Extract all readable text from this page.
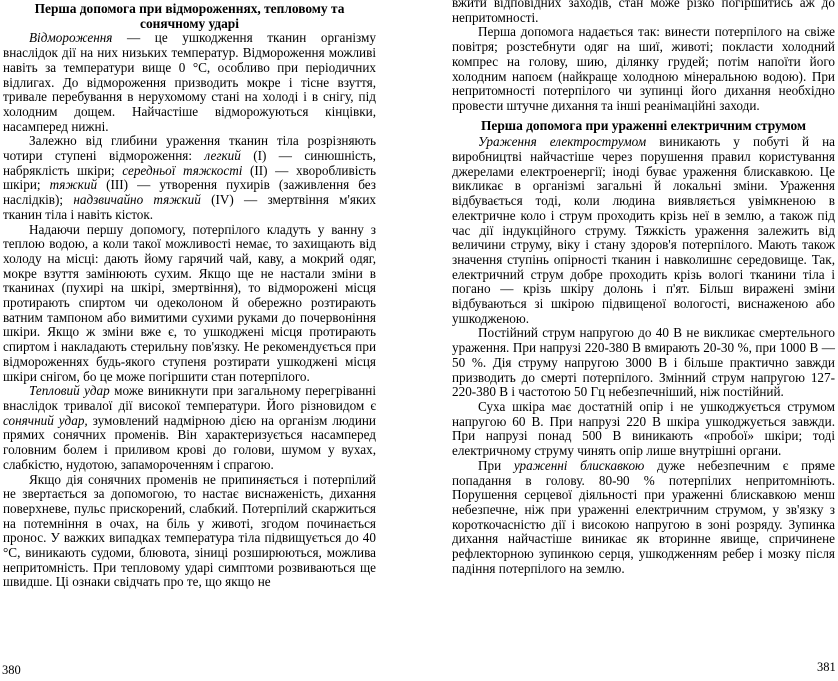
Перша допомога при відмороженнях, тепловому та сонячному ударі

Відмороження — це ушкодження тканин організму внаслідок дії на них низьких температур. Відмороження можливі навіть за температури вище 0 °С, особливо при періодичних відлигах. До відмороження призводить мокре і тісне взуття, тривале перебування в нерухомому стані на холоді і в снігу, під холодним дощем. Найчастіше відморожуються кінцівки, насамперед нижні.

Залежно від глибини ураження тканин тіла розрізняють чотири ступені відмороження: легкий (І) — синюшність, набряклість шкіри; середньої тяжкості (II) — хворобливість шкіри; тяжкий (III) — утворення пухирів (заживлення без наслідків); надзвичайно тяжкий (IV) — змертвіння м'яких тканин тіла і навіть кісток.

Надаючи першу допомогу, потерпілого кладуть у ванну з теплою водою, а коли такої можливості немає, то захищають від холоду на місці: дають йому гарячий чай, каву, а мокрий одяг, мокре взуття замінюють сухим. Якщо ще не настали зміни в тканинах (пухирі на шкірі, змертвіння), то відморожені місця протирають спиртом чи одеколоном й обережно розтирають ватним тампоном або вимитими сухими руками до почервоніння шкіри. Якщо ж зміни вже є, то ушкоджені місця протирають спиртом і накладають стерильну пов'язку. Не рекомендується при відмороженнях будь-якого ступеня розтирати ушкоджені місця шкіри снігом, бо це може погіршити стан потерпілого.

Тепловий удар може виникнути при загальному перегріванні внаслідок тривалої дії високої температури. Його різновидом є сонячний удар, зумовлений надмірною дією на організм людини прямих сонячних променів. Він характеризується насамперед головним болем і приливом крові до голови, шумом у вухах, слабкістю, нудотою, запамороченням і спрагою.

Якщо дія сонячних променів не припиняється і потерпілий не звертається за допомогою, то настає виснаженість, дихання поверхневе, пульс прискорений, слабкий. Потерпілий скаржиться на потемніння в очах, на біль у животі, згодом починається пронос. У важких випадках температура тіла підвищується до 40 °С, виникають судоми, блювота, зіниці розширюються, можлива непритомність. При тепловому ударі симптоми розвиваються ще швидше. Ці ознаки свідчать про те, що якщо не

380

вжити відповідних заходів, стан може різко погіршитись аж до непритомності.

Перша допомога надається так: винести потерпілого на свіже повітря; розстебнути одяг на шиї, животі; покласти холодний компрес на голову, шию, ділянку грудей; потім напоїти його холодним напоєм (найкраще холодною мінеральною водою). При непритомності потерпілого чи зупинці його дихання необхідно провести штучне дихання та інші реанімаційні заходи.

Перша допомога при ураженні електричним струмом

Ураження електрострумом виникають у побуті й на виробництві найчастіше через порушення правил користування джерелами електроенергії; іноді буває ураження блискавкою. Це викликає в організмі загальні й локальні зміни. Ураження відбувається тоді, коли людина виявляється увімкненою в електричне коло і струм проходить крізь неї в землю, а також під час дії індукційного струму. Тяжкість ураження залежить від величини струму, віку і стану здоров'я потерпілого. Мають також значення ступінь опірності тканин і навколишнє середовище. Так, електричний струм добре проходить крізь вологі тканини тіла і погано — крізь шкіру долонь і п'ят. Більш виражені зміни відбуваються зі шкірою підвищеної вологості, виснаженою або ушкодженою.

Постійний струм напругою до 40 В не викликає смертельного ураження. При напрузі 220-380 В вмирають 20-30 %, при 1000 В — 50 %. Дія струму напругою 3000 В і більше практично завжди призводить до смерті потерпілого. Змінний струм напругою 127-220-380 В і частотою 50 Гц небезпечніший, ніж постійний.

Суха шкіра має достатній опір і не ушкоджується струмом напругою 60 В. При напрузі 220 В шкіра ушкоджується завжди. При напрузі понад 500 В виникають «пробої» шкіри; тодi електричному струму чинять опір лише внутрішні органи.

При ураженні блискавкою дуже небезпечним є пряме попадання в голову. 80-90 % потерпілих непритомніють. Порушення серцевої діяльності при ураженні блискавкою менш небезпечне, ніж при ураженні електричним струмом, у зв'язку з короткочасністю дії і високою напругою в зоні розряду. Зупинка дихання найчастіше виникає як вторинне явище, спричинене рефлекторною зупинкою серця, ушкодженням ребер і мозку після падіння потерпілого на землю.

381
